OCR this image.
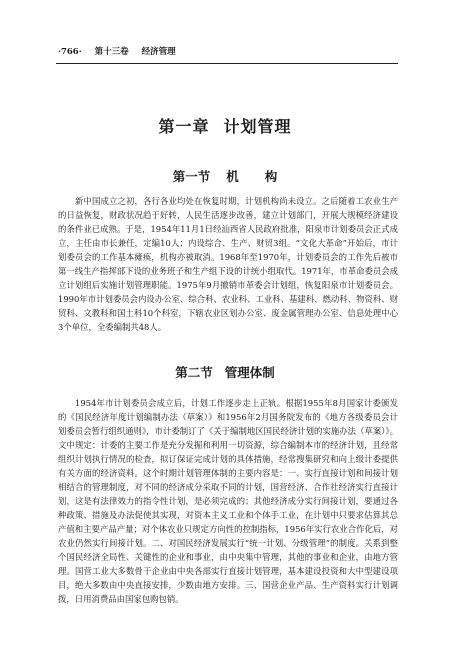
·766· 第十三卷 经济管理
第一章 计划管理
第一节 机构

新中国成立之初，各行各业均处在恢复时期，计划机构尚未设立。之后随着工农业生产的日益恢复，财政状况趋于好转，人民生活逐步改善，建立计划部门，开展大规模经济建设的条件业已成熟。于是，1954年11月1日经汕西省人民政府批准，阳泉市计划委员会正式成立，主任由市长兼任，定编10人；内设综合、生产、财贸3组。“文化大革命”开始后，市计划委员会的工作基本瘫痪，机构亦被取消。1968年至1970年，计划委员会的工作先后被市第一线生产指挥部下设的业务班子和生产组下设的计统小组取代。1971年，市革命委员会成立计划组后实施计划管理职能。1975年9月撤销市革委会计划组，恢复阳泉市计划委员会。1990年市计划委员会内设办公室、综合科、农业科、工业科、基建科、燃动科、物资科、财贸科、文教科和国土科10个科室，下辖农业区划办公室、废金属管理办公室、信息处理中心3个单位，全委编制共48人。

第二节 管理体制

1954年市计划委员会成立后，计划工作逐步走上正轨。根据1955年8月国家计委颁发的《国民经济年度计划编制办法（草案）》和1956年2月国务院发布的《地方各级委员会计划委员会暂行组织通则》，市计委制订了《关于编制地区国民经济计划的实施办法（草案）》。文中规定：计委的主要工作是充分发掘和利用一切资源，综合编制本市的经济计划，且经常组织计划执行情况的检查，拟订保证完成计划的具体措施，经常搜集研究和向上级计委提供有关方面的经济资料。这个时期计划管理体制的主要内容是：一、实行直接计划和间接计划相结合的管理制度，对不同的经济成分采取不同的计划，国营经济、合作社经济实行直接计划，这是有法律效力的指令性计划，是必须完成的；其他经济成分实行间接计划，要通过各种政策、措施及办法促使其实现，对资本主义工业和个体手工业，在计划中只要求估算其总产值和主要产品产量；对个体农业只规定方向性的控制指标，1956年实行农业合作化后，对农业仍然实行间接计划。二、对国民经济发展实行“统一计划、分级管理”的制度。关系到整个国民经济全局性、关键性的企业和事业，由中央集中管理，其他的事业和企业，由地方管理。国营工业大多数骨干企业由中央各部实行直接计划管理，基本建设投资和大中型建设项目，绝大多数由中央直接安排，少数由地方安排。三、国营企业产品、生产资料实行计划调拨，日用消费品由国家包购包销。
